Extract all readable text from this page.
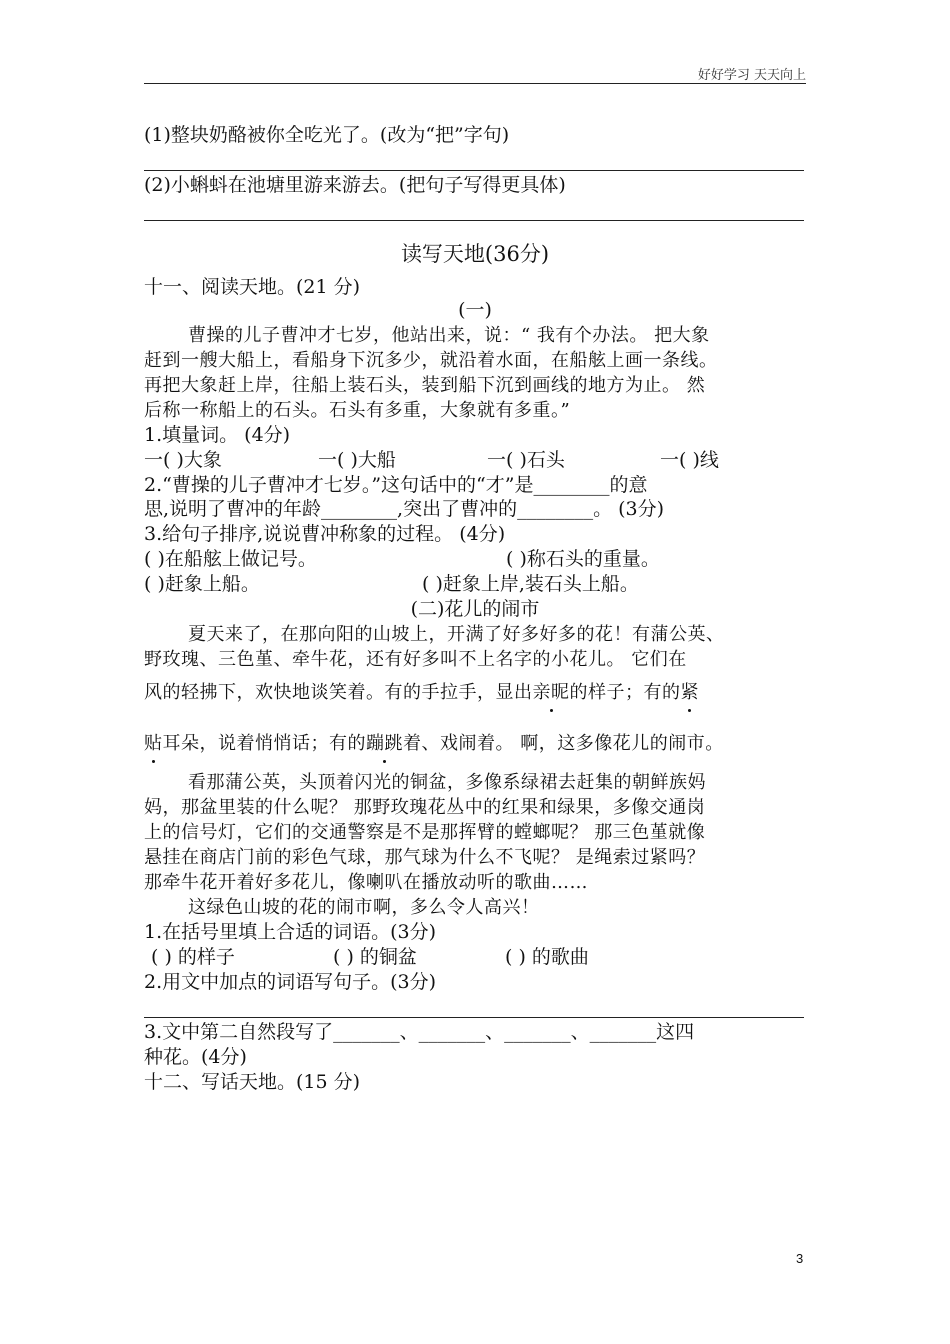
好好学习 天天向上
(1)整块奶酪被你全吃光了。(改为“把”字句)
(2)小蝌蚪在池塘里游来游去。(把句子写得更具体)
读写天地(36分)
十一、阅读天地。(21 分)
(一)
曹操的儿子曹冲才七岁，他站出来，说：“ 我有个办法。 把大象
赶到一艘大船上，看船身下沉多少，就沿着水面，在船舷上画一条线。
再把大象赶上岸，往船上装石头，装到船下沉到画线的地方为止。 然
后称一称船上的石头。石头有多重，大象就有多重。”
1.填量词。 (4分)
一( )大象	一( )大船	一( )石头	一( )线
2.“曹操的儿子曹冲才七岁。”这句话中的“才”是________的意
思,说明了曹冲的年龄________,突出了曹冲的________。 (3分)
3.给句子排序,说说曹冲称象的过程。 (4分)
( )在船舷上做记号。	( )称石头的重量。
( )赶象上船。	( )赶象上岸,装石头上船。
(二)花儿的闹市
夏天来了，在那向阳的山坡上，开满了好多好多的花！有蒲公英、
野玫瑰、三色堇、牵牛花，还有好多叫不上名字的小花儿。 它们在
风的轻拂下，欢快地谈笑着。有的手拉手，显出亲昵的样子；有的紧
贴耳朵，说着悄悄话；有的蹦跳着、戏闹着。 啊，这多像花儿的闹市。
看那蒲公英，头顶着闪光的铜盆，多像系绿裙去赶集的朝鲜族妈
妈，那盆里装的什么呢？ 那野玫瑰花丛中的红果和绿果，多像交通岗
上的信号灯，它们的交通警察是不是那挥臂的螳螂呢？ 那三色堇就像
悬挂在商店门前的彩色气球，那气球为什么不飞呢？ 是绳索过紧吗？
那牵牛花开着好多花儿，像喇叭在播放动听的歌曲……
这绿色山坡的花的闹市啊，多么令人高兴！
1.在括号里填上合适的词语。(3分)
( ) 的样子	( ) 的铜盆	( ) 的歌曲
2.用文中加点的词语写句子。(3分)
3.文中第二自然段写了_______、_______、_______、_______这四
种花。(4分)
十二、写话天地。(15 分)
3
